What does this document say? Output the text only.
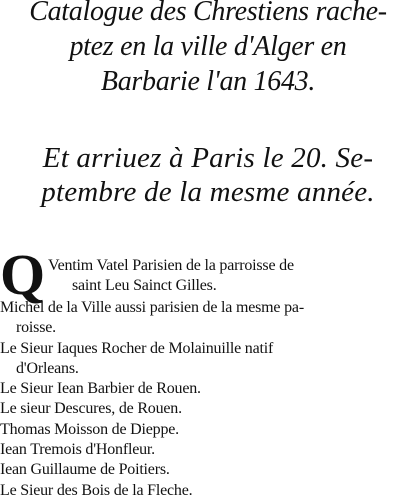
Catalogue des Chrestiens rache-
ptez en la ville d'Alger en
Barbarie l'an 1643.
Et arriuez à Paris le 20. Se-
ptembre de la mesme année.
Q Ventim Vatel Parisien de la parroisse de
saint Leu Sainct Gilles.
Michel de la Ville aussi parisien de la mesme pa-
roisse.
Le Sieur Iaques Rocher de Molainuille natif
d'Orleans.
Le Sieur Iean Barbier de Rouen.
Le sieur Descures, de Rouen.
Thomas Moisson de Dieppe.
Iean Tremois d'Honfleur.
Iean Guillaume de Poitiers.
Le Sieur des Bois de la Fleche.
